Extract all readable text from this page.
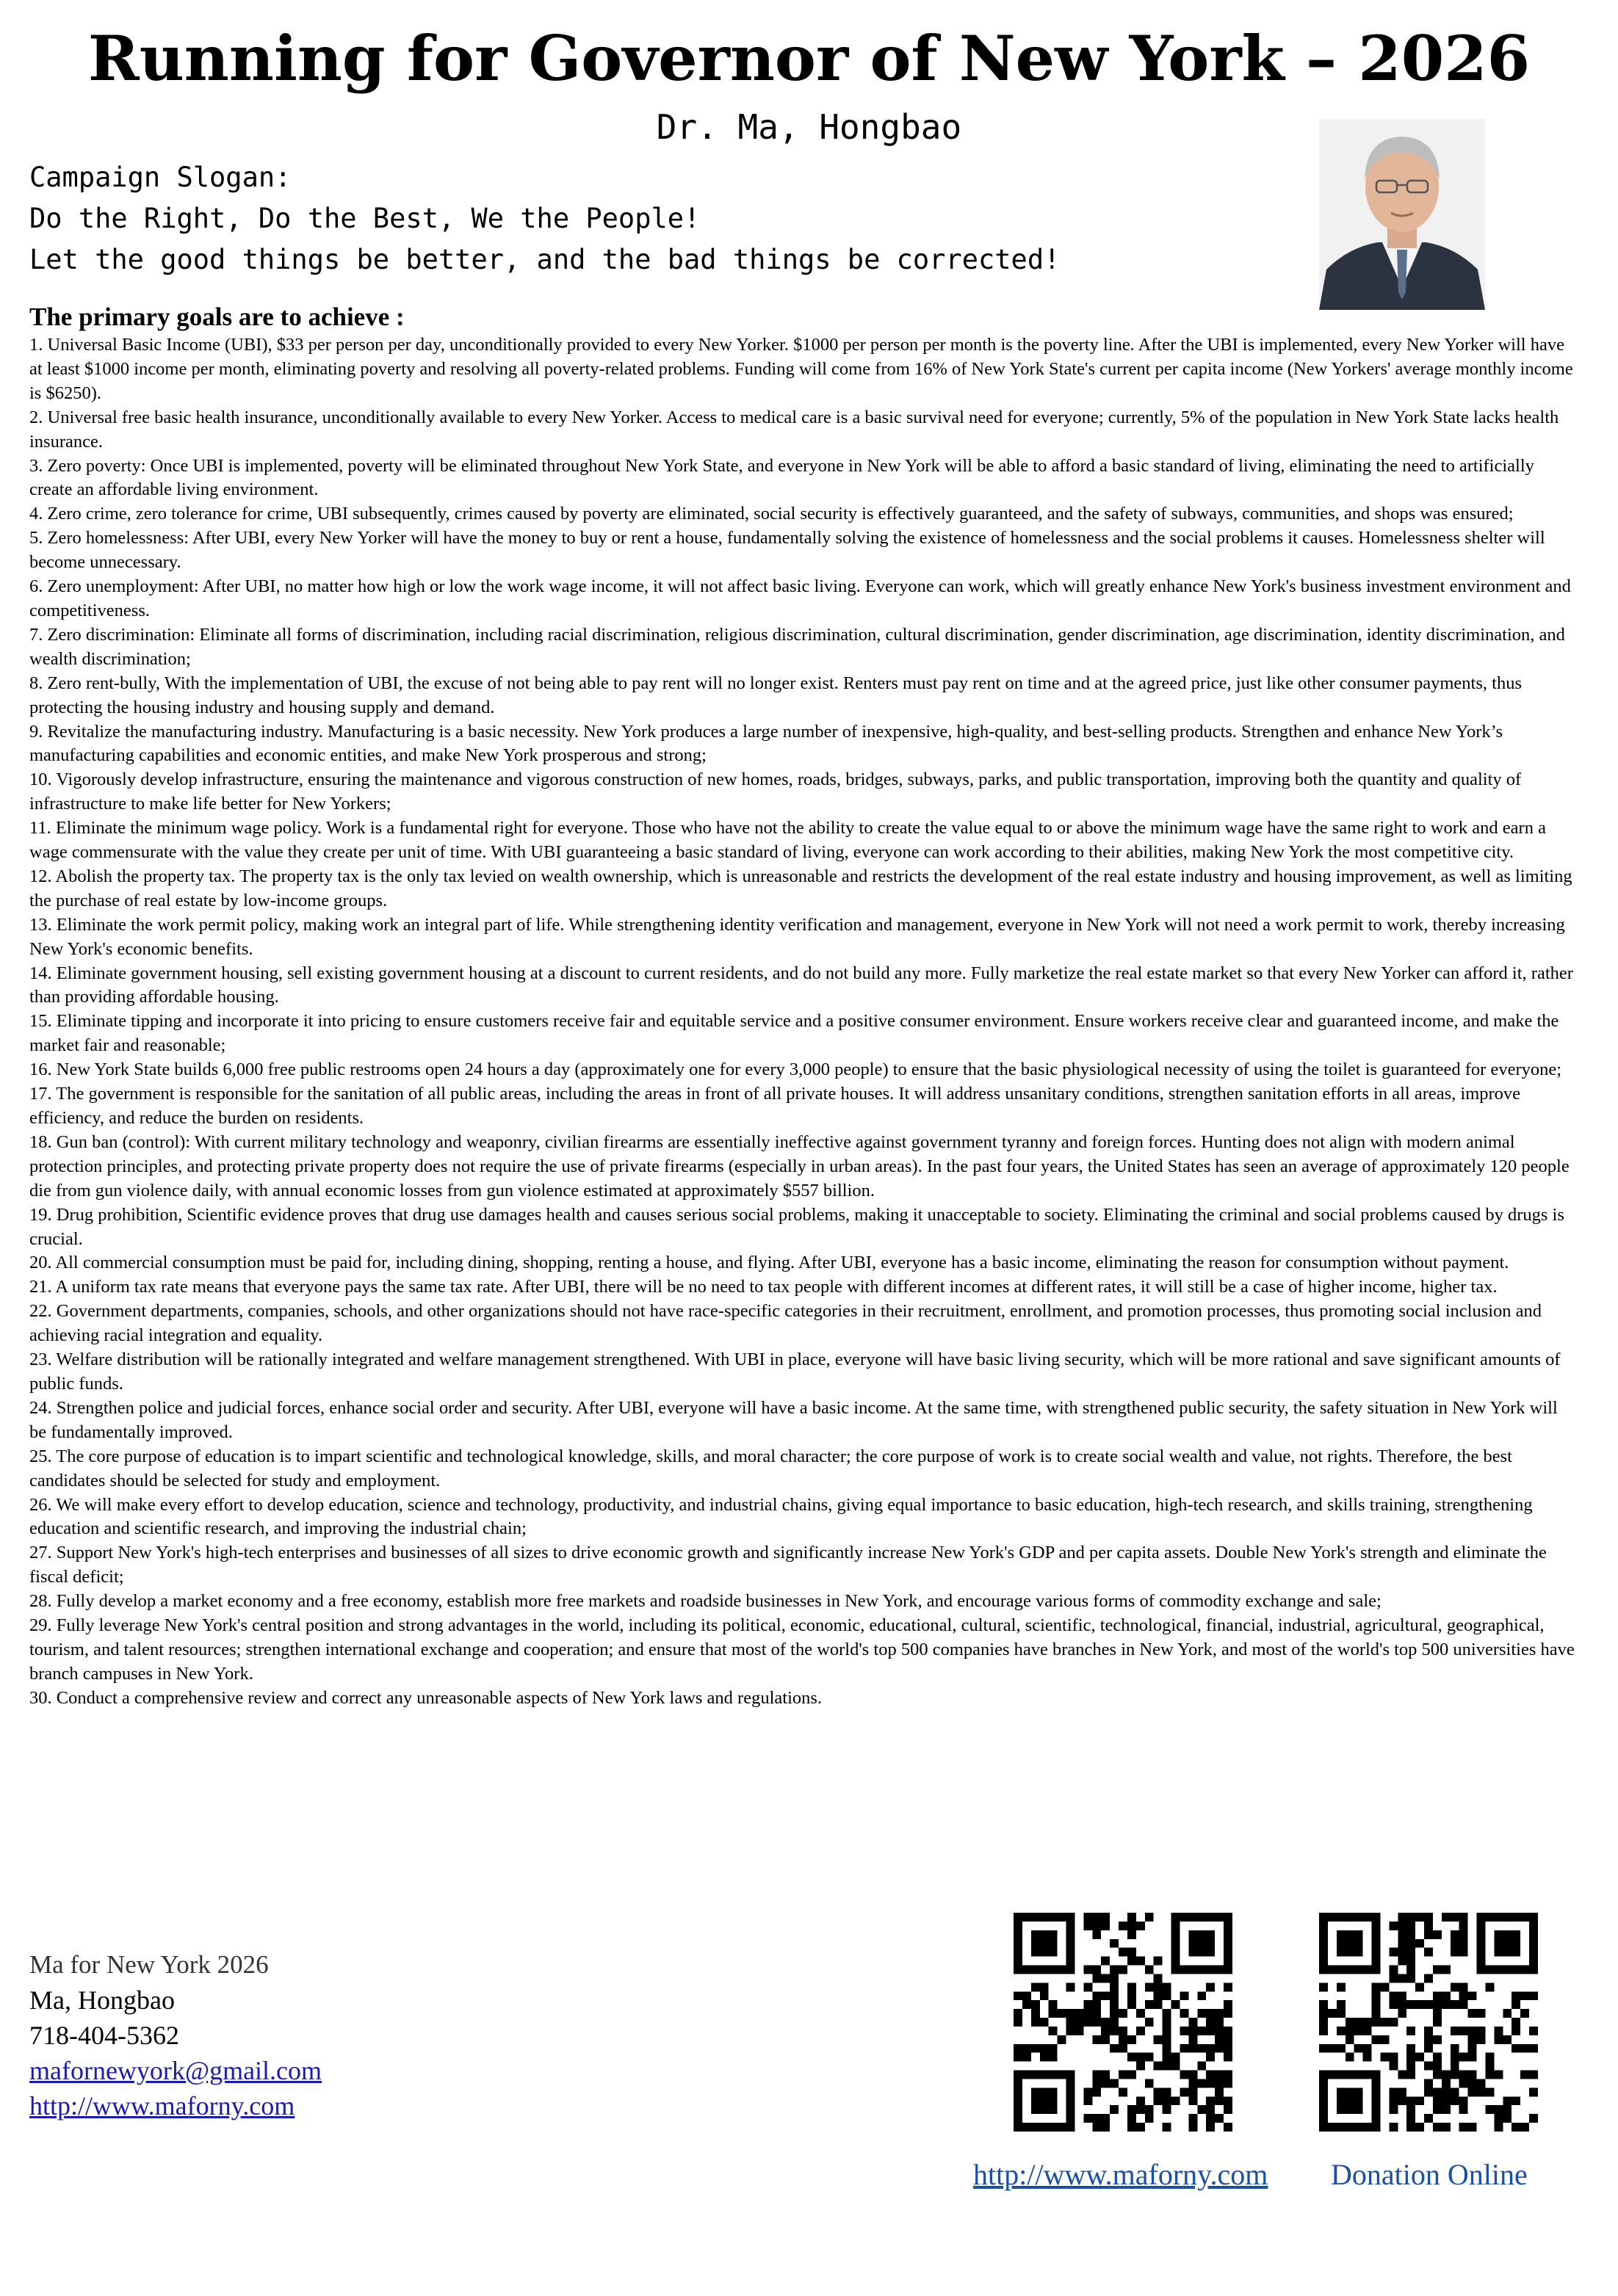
Running for Governor of New York – 2026
Dr. Ma, Hongbao
Campaign Slogan:
Do the Right, Do the Best, We the People!
Let the good things be better, and the bad things be corrected!
The primary goals are to achieve :
1. Universal Basic Income (UBI), $33 per person per day, unconditionally provided to every New Yorker. $1000 per person per month is the poverty line. After the UBI is implemented, every New Yorker will have at least $1000 income per month, eliminating poverty and resolving all poverty-related problems. Funding will come from 16% of New York State's current per capita income (New Yorkers' average monthly income is $6250).
2. Universal free basic health insurance, unconditionally available to every New Yorker. Access to medical care is a basic survival need for everyone; currently, 5% of the population in New York State lacks health insurance.
3. Zero poverty: Once UBI is implemented, poverty will be eliminated throughout New York State, and everyone in New York will be able to afford a basic standard of living, eliminating the need to artificially create an affordable living environment.
4. Zero crime, zero tolerance for crime, UBI subsequently, crimes caused by poverty are eliminated, social security is effectively guaranteed, and the safety of subways, communities, and shops was ensured;
5. Zero homelessness: After UBI, every New Yorker will have the money to buy or rent a house, fundamentally solving the existence of homelessness and the social problems it causes. Homelessness shelter will become unnecessary.
6. Zero unemployment: After UBI, no matter how high or low the work wage income, it will not affect basic living. Everyone can work, which will greatly enhance New York's business investment environment and competitiveness.
7. Zero discrimination: Eliminate all forms of discrimination, including racial discrimination, religious discrimination, cultural discrimination, gender discrimination, age discrimination, identity discrimination, and wealth discrimination;
8. Zero rent-bully, With the implementation of UBI, the excuse of not being able to pay rent will no longer exist. Renters must pay rent on time and at the agreed price, just like other consumer payments, thus protecting the housing industry and housing supply and demand.
9. Revitalize the manufacturing industry. Manufacturing is a basic necessity. New York produces a large number of inexpensive, high-quality, and best-selling products. Strengthen and enhance New York’s manufacturing capabilities and economic entities, and make New York prosperous and strong;
10. Vigorously develop infrastructure, ensuring the maintenance and vigorous construction of new homes, roads, bridges, subways, parks, and public transportation, improving both the quantity and quality of infrastructure to make life better for New Yorkers;
11. Eliminate the minimum wage policy. Work is a fundamental right for everyone. Those who have not the ability to create the value equal to or above the minimum wage have the same right to work and earn a wage commensurate with the value they create per unit of time. With UBI guaranteeing a basic standard of living, everyone can work according to their abilities, making New York the most competitive city.
12. Abolish the property tax. The property tax is the only tax levied on wealth ownership, which is unreasonable and restricts the development of the real estate industry and housing improvement, as well as limiting the purchase of real estate by low-income groups.
13. Eliminate the work permit policy, making work an integral part of life. While strengthening identity verification and management, everyone in New York will not need a work permit to work, thereby increasing New York's economic benefits.
14. Eliminate government housing, sell existing government housing at a discount to current residents, and do not build any more. Fully marketize the real estate market so that every New Yorker can afford it, rather than providing affordable housing.
15. Eliminate tipping and incorporate it into pricing to ensure customers receive fair and equitable service and a positive consumer environment. Ensure workers receive clear and guaranteed income, and make the market fair and reasonable;
16. New York State builds 6,000 free public restrooms open 24 hours a day (approximately one for every 3,000 people) to ensure that the basic physiological necessity of using the toilet is guaranteed for everyone;
17. The government is responsible for the sanitation of all public areas, including the areas in front of all private houses. It will address unsanitary conditions, strengthen sanitation efforts in all areas, improve efficiency, and reduce the burden on residents.
18. Gun ban (control): With current military technology and weaponry, civilian firearms are essentially ineffective against government tyranny and foreign forces. Hunting does not align with modern animal protection principles, and protecting private property does not require the use of private firearms (especially in urban areas). In the past four years, the United States has seen an average of approximately 120 people die from gun violence daily, with annual economic losses from gun violence estimated at approximately $557 billion.
19. Drug prohibition, Scientific evidence proves that drug use damages health and causes serious social problems, making it unacceptable to society. Eliminating the criminal and social problems caused by drugs is crucial.
20. All commercial consumption must be paid for, including dining, shopping, renting a house, and flying. After UBI, everyone has a basic income, eliminating the reason for consumption without payment.
21. A uniform tax rate means that everyone pays the same tax rate. After UBI, there will be no need to tax people with different incomes at different rates, it will still be a case of higher income, higher tax.
22. Government departments, companies, schools, and other organizations should not have race-specific categories in their recruitment, enrollment, and promotion processes, thus promoting social inclusion and achieving racial integration and equality.
23. Welfare distribution will be rationally integrated and welfare management strengthened. With UBI in place, everyone will have basic living security, which will be more rational and save significant amounts of public funds.
24. Strengthen police and judicial forces, enhance social order and security. After UBI, everyone will have a basic income. At the same time, with strengthened public security, the safety situation in New York will be fundamentally improved.
25. The core purpose of education is to impart scientific and technological knowledge, skills, and moral character; the core purpose of work is to create social wealth and value, not rights. Therefore, the best candidates should be selected for study and employment.
26. We will make every effort to develop education, science and technology, productivity, and industrial chains, giving equal importance to basic education, high-tech research, and skills training, strengthening education and scientific research, and improving the industrial chain;
27. Support New York's high-tech enterprises and businesses of all sizes to drive economic growth and significantly increase New York's GDP and per capita assets. Double New York's strength and eliminate the fiscal deficit;
28. Fully develop a market economy and a free economy, establish more free markets and roadside businesses in New York, and encourage various forms of commodity exchange and sale;
29. Fully leverage New York's central position and strong advantages in the world, including its political, economic, educational, cultural, scientific, technological, financial, industrial, agricultural, geographical, tourism, and talent resources; strengthen international exchange and cooperation; and ensure that most of the world's top 500 companies have branches in New York, and most of the world's top 500 universities have branch campuses in New York.
30. Conduct a comprehensive review and correct any unreasonable aspects of New York laws and regulations.
Ma for New York 2026
Ma, Hongbao
718-404-5362
mafornewyork@gmail.com
http://www.maforny.com
http://www.maforny.com Donation Online
